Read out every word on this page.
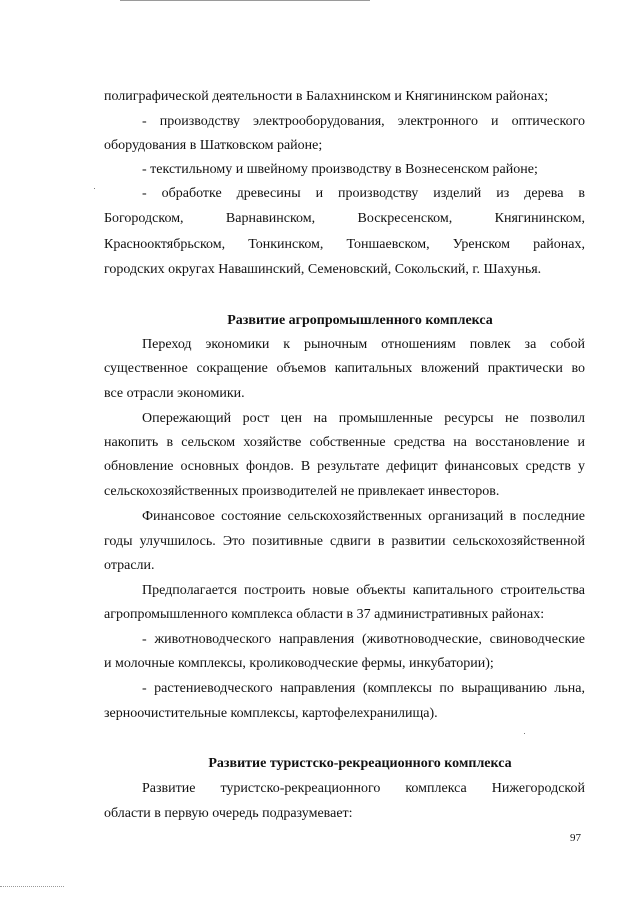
полиграфической деятельности в Балахнинском и Княгининском районах;
- производству электрооборудования, электронного и оптического
оборудования в Шатковском районе;
- текстильному и швейному производству в Вознесенском районе;
- обработке древесины и производству изделий из дерева в
Богородском, Варнавинском, Воскресенском, Княгининском,
Краснооктябрьском, Тонкинском, Тоншаевском, Уренском районах,
городских округах Навашинский, Семеновский, Сокольский, г. Шахунья.
Развитие агропромышленного комплекса
Переход экономики к рыночным отношениям повлек за собой
существенное сокращение объемов капитальных вложений практически во
все отрасли экономики.
Опережающий рост цен на промышленные ресурсы не позволил
накопить в сельском хозяйстве собственные средства на восстановление и
обновление основных фондов. В результате дефицит финансовых средств у
сельскохозяйственных производителей не привлекает инвесторов.
Финансовое состояние сельскохозяйственных организаций в последние
годы улучшилось. Это позитивные сдвиги в развитии сельскохозяйственной
отрасли.
Предполагается построить новые объекты капитального строительства
агропромышленного комплекса области в 37 административных районах:
- животноводческого направления (животноводческие, свиноводческие
и молочные комплексы, кролиководческие фермы, инкубатории);
- растениеводческого направления (комплексы по выращиванию льна,
зерноочистительные комплексы, картофелехранилища).
Развитие туристско-рекреационного комплекса
Развитие туристско-рекреационного комплекса Нижегородской
области в первую очередь подразумевает:
97
